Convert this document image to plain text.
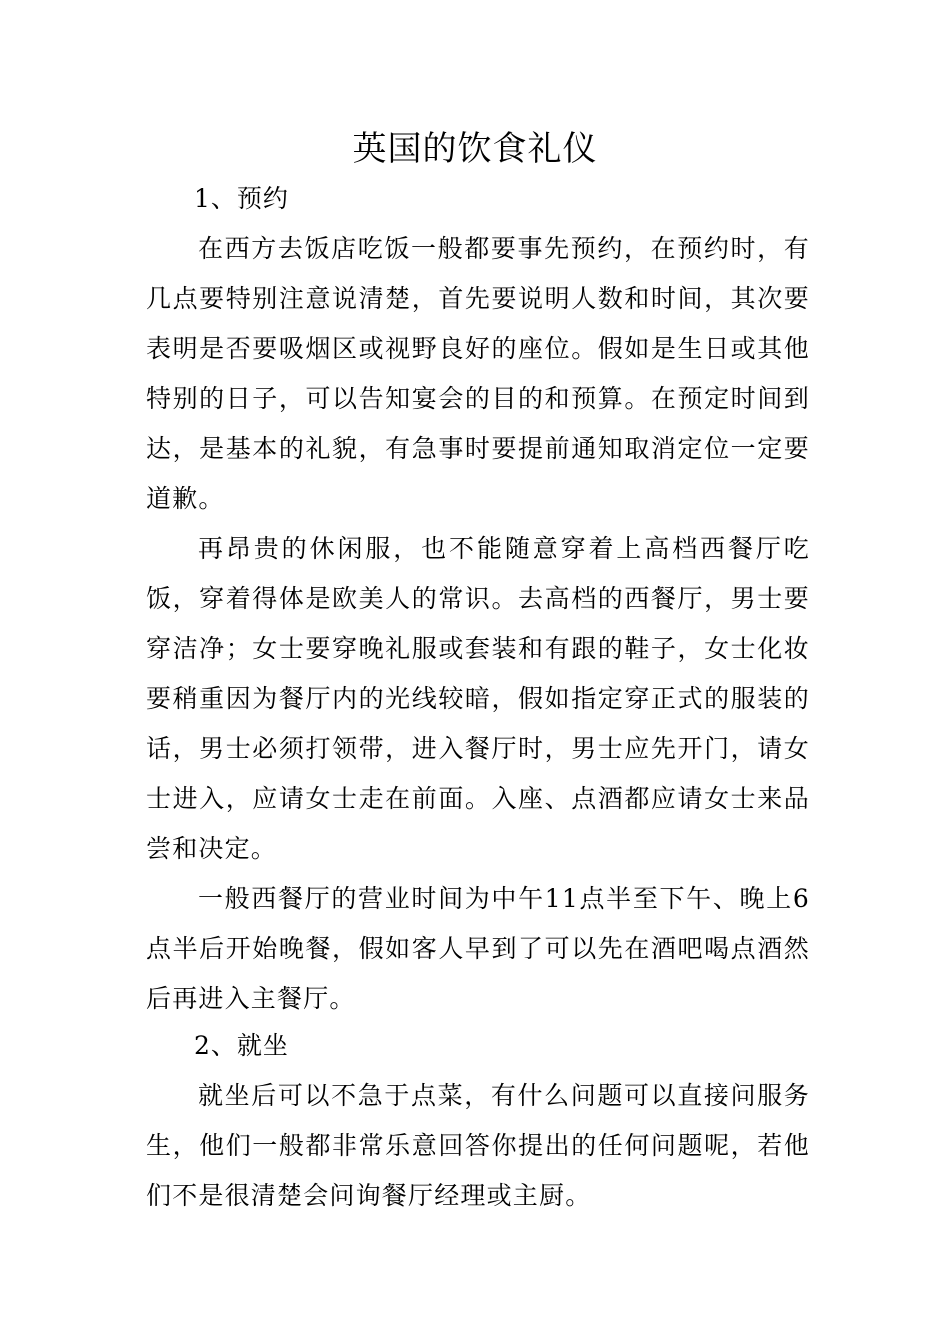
英国的饮食礼仪
1、预约

在西方去饭店吃饭一般都要事先预约，在预约时，有几点要特别注意说清楚，首先要说明人数和时间，其次要表明是否要吸烟区或视野良好的座位。假如是生日或其他特别的日子，可以告知宴会的目的和预算。在预定时间到达，是基本的礼貌，有急事时要提前通知取消定位一定要道歉。

再昂贵的休闲服，也不能随意穿着上高档西餐厅吃饭，穿着得体是欧美人的常识。去高档的西餐厅，男士要穿洁净；女士要穿晚礼服或套装和有跟的鞋子，女士化妆要稍重因为餐厅内的光线较暗，假如指定穿正式的服装的话，男士必须打领带，进入餐厅时，男士应先开门，请女士进入，应请女士走在前面。入座、点酒都应请女士来品尝和决定。

一般西餐厅的营业时间为中午11点半至下午、晚上6点半后开始晚餐，假如客人早到了可以先在酒吧喝点酒然后再进入主餐厅。

2、就坐

就坐后可以不急于点菜，有什么问题可以直接问服务生，他们一般都非常乐意回答你提出的任何问题呢，若他们不是很清楚会问询餐厅经理或主厨。
